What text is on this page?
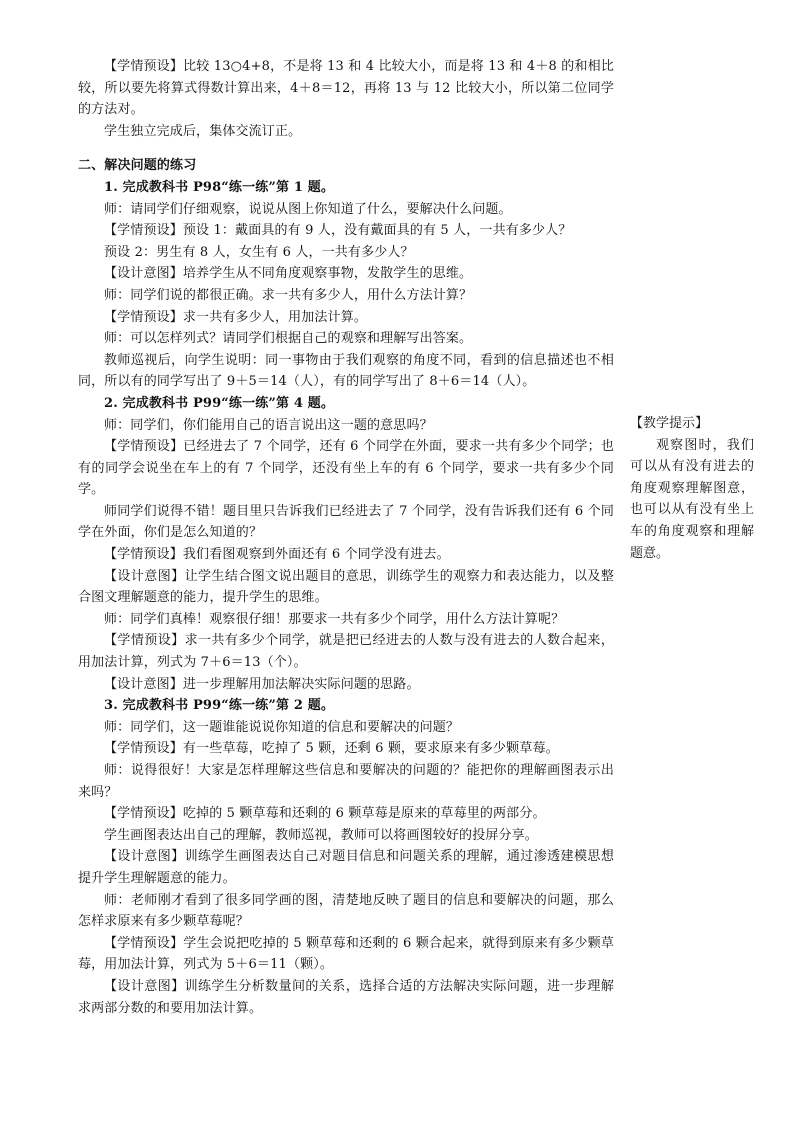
【学情预设】比较 13○4+8，不是将 13 和 4 比较大小，而是将 13 和 4＋8 的和相比较，所以要先将算式得数计算出来，4＋8＝12，再将 13 与 12 比较大小，所以第二位同学的方法对。

学生独立完成后，集体交流订正。

二、解决问题的练习

1. 完成教科书 P98“练一练”第 1 题。

师：请同学们仔细观察，说说从图上你知道了什么，要解决什么问题。

【学情预设】预设 1：戴面具的有 9 人，没有戴面具的有 5 人，一共有多少人？

预设 2：男生有 8 人，女生有 6 人，一共有多少人？

【设计意图】培养学生从不同角度观察事物，发散学生的思维。

师：同学们说的都很正确。求一共有多少人，用什么方法计算？

【学情预设】求一共有多少人，用加法计算。

师：可以怎样列式？请同学们根据自己的观察和理解写出答案。

教师巡视后，向学生说明：同一事物由于我们观察的角度不同，看到的信息描述也不相同，所以有的同学写出了 9＋5＝14（人），有的同学写出了 8＋6＝14（人）。

2. 完成教科书 P99“练一练”第 4 题。

师：同学们，你们能用自己的语言说出这一题的意思吗？

【学情预设】已经进去了 7 个同学，还有 6 个同学在外面，要求一共有多少个同学；也有的同学会说坐在车上的有 7 个同学，还没有坐上车的有 6 个同学，要求一共有多少个同学。

师同学们说得不错！题目里只告诉我们已经进去了 7 个同学，没有告诉我们还有 6 个同学在外面，你们是怎么知道的？

【学情预设】我们看图观察到外面还有 6 个同学没有进去。

【设计意图】让学生结合图文说出题目的意思，训练学生的观察力和表达能力，以及整合图文理解题意的能力，提升学生的思维。

师：同学们真棒！观察很仔细！那要求一共有多少个同学，用什么方法计算呢？

【学情预设】求一共有多少个同学，就是把已经进去的人数与没有进去的人数合起来，用加法计算，列式为 7＋6＝13（个）。

【设计意图】进一步理解用加法解决实际问题的思路。

3. 完成教科书 P99“练一练”第 2 题。

师：同学们，这一题谁能说说你知道的信息和要解决的问题？

【学情预设】有一些草莓，吃掉了 5 颗，还剩 6 颗，要求原来有多少颗草莓。

师：说得很好！大家是怎样理解这些信息和要解决的问题的？能把你的理解画图表示出来吗？

【学情预设】吃掉的 5 颗草莓和还剩的 6 颗草莓是原来的草莓里的两部分。

学生画图表达出自己的理解，教师巡视，教师可以将画图较好的投屏分享。

【设计意图】训练学生画图表达自己对题目信息和问题关系的理解，通过渗透建模思想提升学生理解题意的能力。

师：老师刚才看到了很多同学画的图，清楚地反映了题目的信息和要解决的问题，那么怎样求原来有多少颗草莓呢？

【学情预设】学生会说把吃掉的 5 颗草莓和还剩的 6 颗合起来，就得到原来有多少颗草莓，用加法计算，列式为 5＋6＝11（颗）。

【设计意图】训练学生分析数量间的关系，选择合适的方法解决实际问题，进一步理解求两部分数的和要用加法计算。

【教学提示】

观察图时，我们可以从有没有进去的角度观察理解图意，也可以从有没有坐上车的角度观察和理解题意。
